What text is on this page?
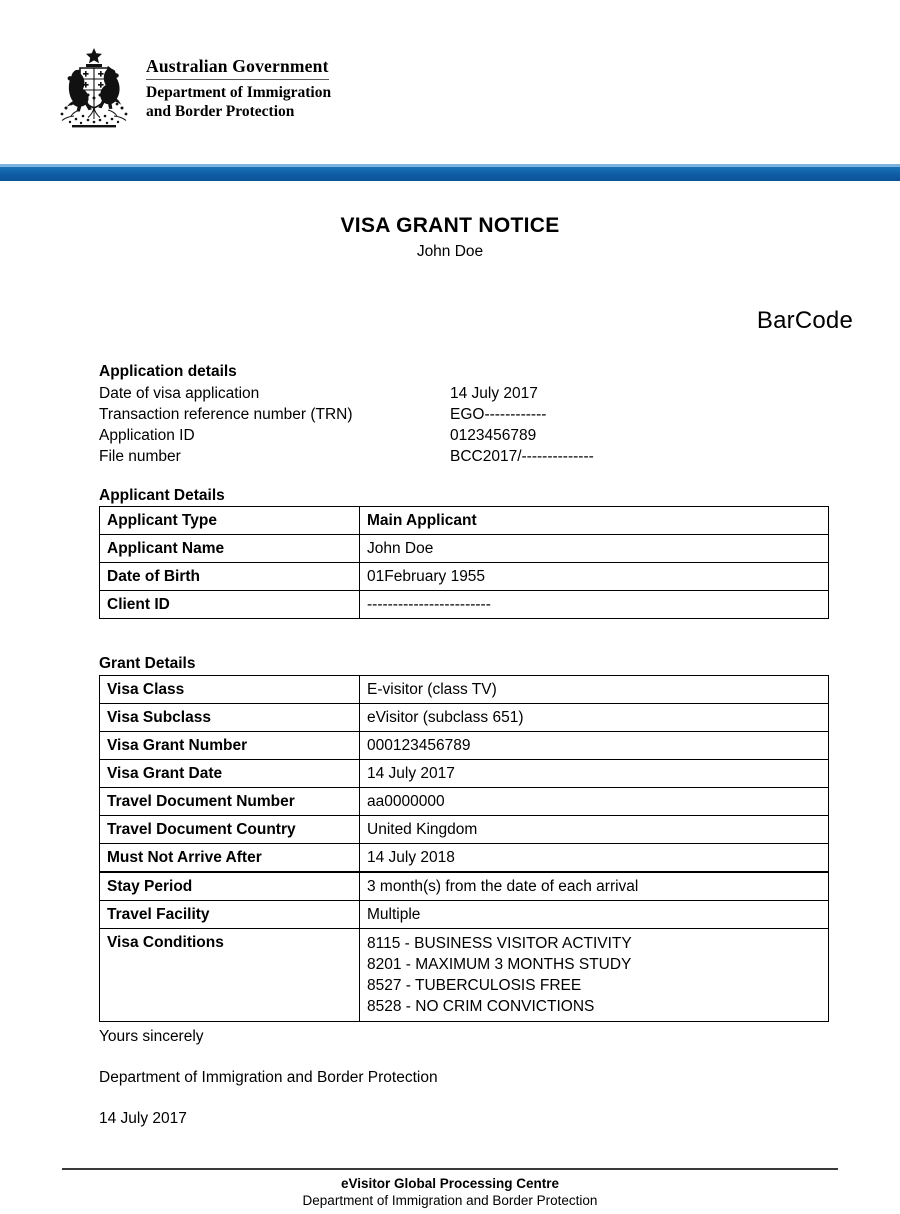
Australian Government
Department of Immigration
and Border Protection
VISA GRANT NOTICE
John Doe
BarCode
Application details
Date of visa application	14 July 2017
Transaction reference number (TRN)	EGO------------
Application ID	0123456789
File number	BCC2017/--------------
Applicant Details
Applicant Type	Main Applicant
Applicant Name	John Doe
Date of Birth	01February 1955
Client ID	------------------------
Grant Details
Visa Class	E-visitor (class TV)
Visa Subclass	eVisitor (subclass 651)
Visa Grant Number	000123456789
Visa Grant Date	14 July 2017
Travel Document Number	aa0000000
Travel Document Country	United Kingdom
Must Not Arrive After	14 July 2018
Stay Period	3 month(s) from the date of each arrival
Travel Facility	Multiple
Visa Conditions	8115 - BUSINESS VISITOR ACTIVITY
8201 - MAXIMUM 3 MONTHS STUDY
8527 - TUBERCULOSIS FREE
8528 - NO CRIM CONVICTIONS
Yours sincerely
Department of Immigration and Border Protection
14 July 2017
eVisitor Global Processing Centre
Department of Immigration and Border Protection
